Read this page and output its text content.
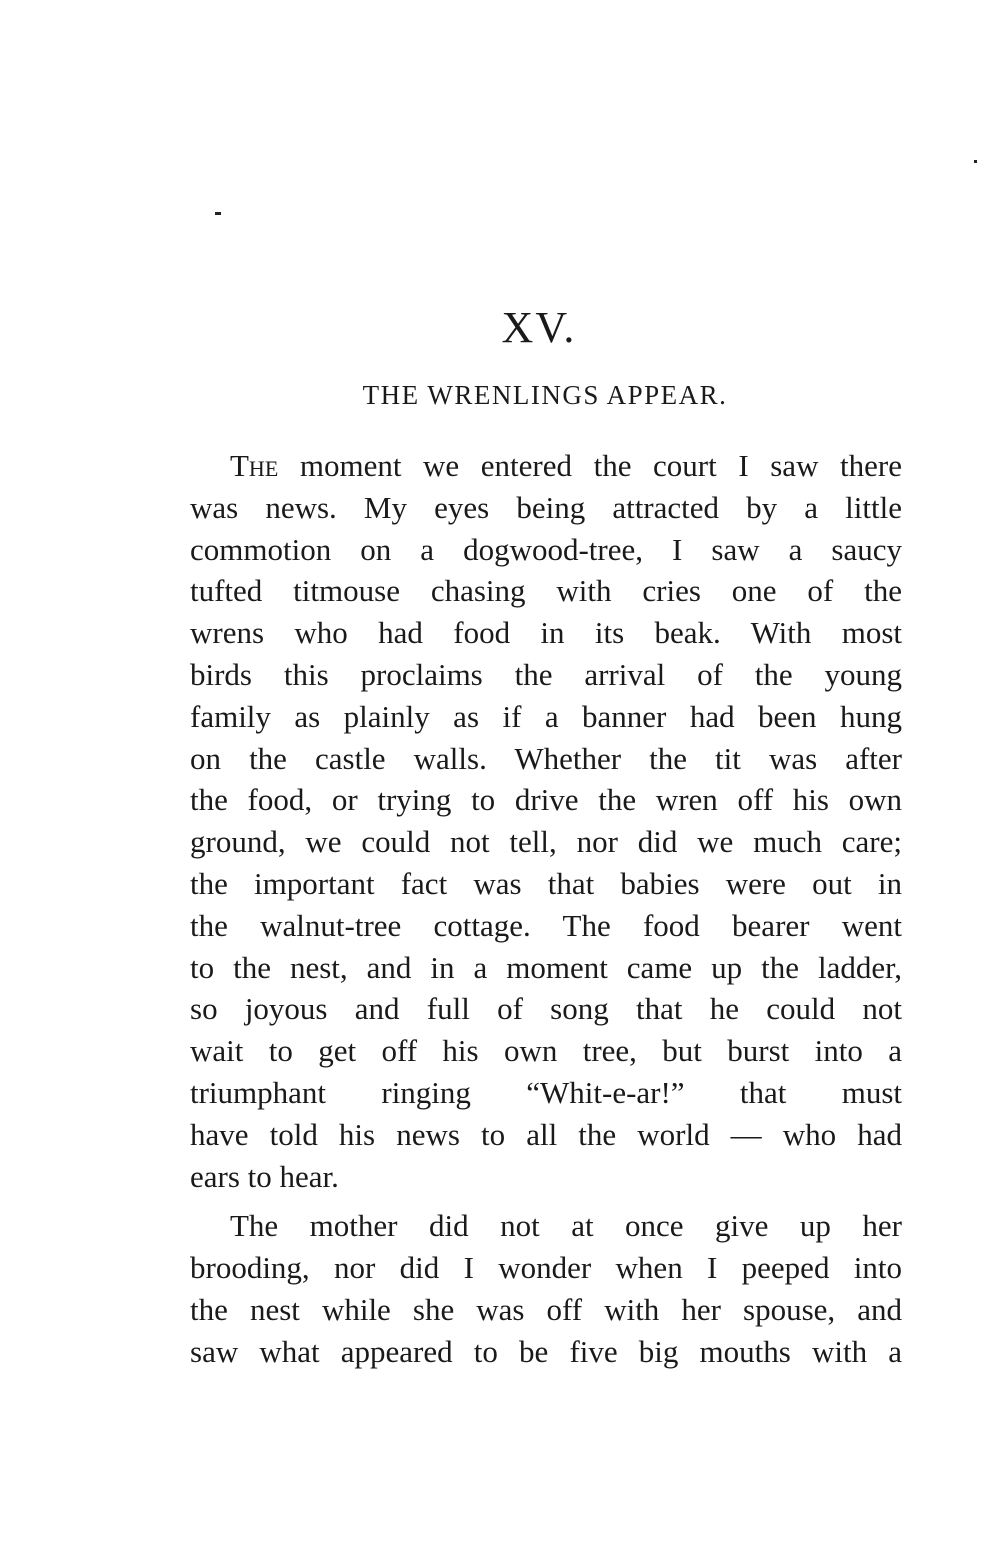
XV.
THE WRENLINGS APPEAR.
The moment we entered the court I saw there
was news. My eyes being attracted by a little
commotion on a dogwood-tree, I saw a saucy
tufted titmouse chasing with cries one of the
wrens who had food in its beak. With most
birds this proclaims the arrival of the young
family as plainly as if a banner had been hung
on the castle walls. Whether the tit was after
the food, or trying to drive the wren off his own
ground, we could not tell, nor did we much care;
the important fact was that babies were out in
the walnut-tree cottage. The food bearer went
to the nest, and in a moment came up the ladder,
so joyous and full of song that he could not
wait to get off his own tree, but burst into a
triumphant ringing “Whit-e-ar!” that must
have told his news to all the world — who had
ears to hear.
The mother did not at once give up her
brooding, nor did I wonder when I peeped into
the nest while she was off with her spouse, and
saw what appeared to be five big mouths with a
